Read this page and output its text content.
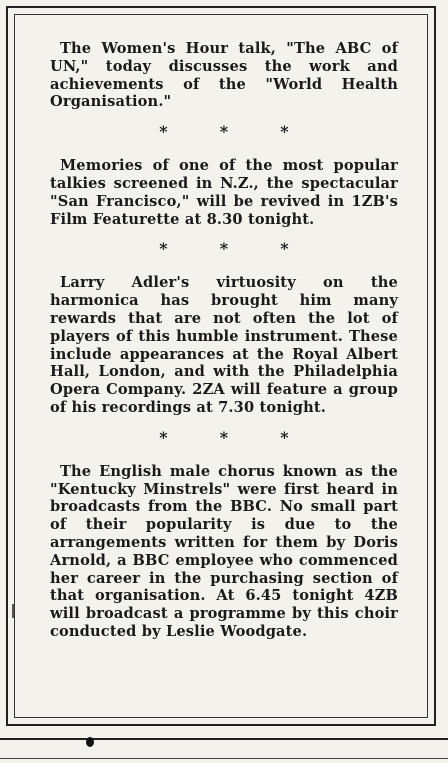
The Women's Hour talk, "The ABC of UN," today discusses the work and achievements of the "World Health Organisation."

*	*	*

Memories of one of the most popular talkies screened in N.Z., the spectacular "San Francisco," will be revived in 1ZB's Film Featurette at 8.30 tonight.

*	*	*

Larry Adler's virtuosity on the harmonica has brought him many rewards that are not often the lot of players of this humble instrument. These include appearances at the Royal Albert Hall, London, and with the Philadelphia Opera Company. 2ZA will feature a group of his recordings at 7.30 tonight.

*	*	*

The English male chorus known as the "Kentucky Minstrels" were first heard in broadcasts from the BBC. No small part of their popularity is due to the arrangements written for them by Doris Arnold, a BBC employee who commenced her career in the purchasing section of that organisation. At 6.45 tonight 4ZB will broadcast a programme by this choir conducted by Leslie Woodgate.
